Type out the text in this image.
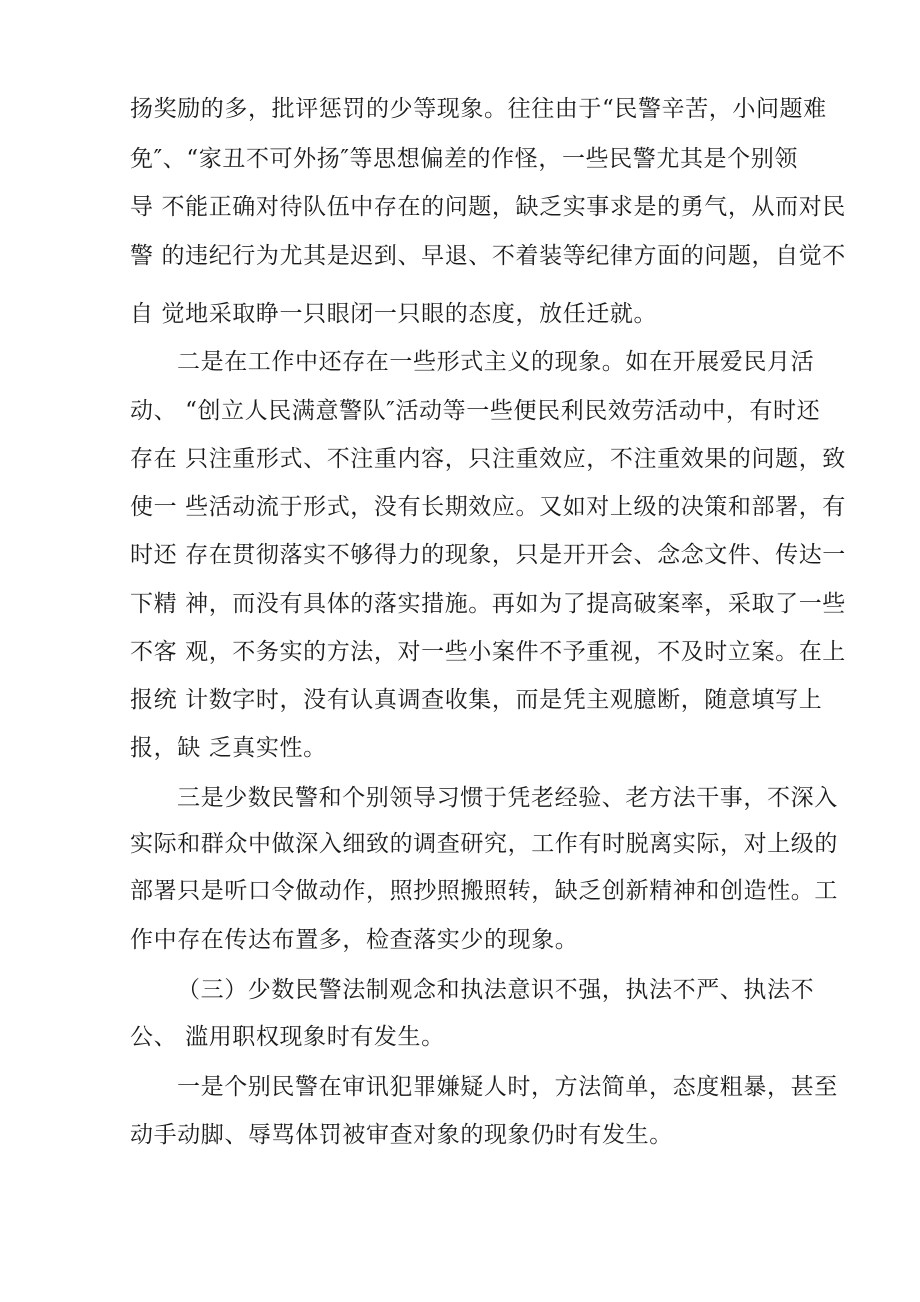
扬奖励的多，批评惩罚的少等现象。往往由于“民警辛苦，小问题难
免″、“家丑不可外扬″等思想偏差的作怪，一些民警尤其是个别领
导 不能正确对待队伍中存在的问题，缺乏实事求是的勇气，从而对民
警 的违纪行为尤其是迟到、早退、不着装等纪律方面的问题，自觉不
自 觉地采取睁一只眼闭一只眼的态度，放任迁就。
二是在工作中还存在一些形式主义的现象。如在开展爱民月活
动、 “创立人民满意警队″活动等一些便民利民效劳活动中，有时还
存在 只注重形式、不注重内容，只注重效应，不注重效果的问题，致
使一 些活动流于形式，没有长期效应。又如对上级的决策和部署，有
时还 存在贯彻落实不够得力的现象，只是开开会、念念文件、传达一
下精 神，而没有具体的落实措施。再如为了提高破案率，采取了一些
不客 观，不务实的方法，对一些小案件不予重视，不及时立案。在上
报统 计数字时，没有认真调查收集，而是凭主观臆断，随意填写上
报，缺 乏真实性。
三是少数民警和个别领导习惯于凭老经验、老方法干事，不深入
实际和群众中做深入细致的调查研究，工作有时脱离实际，对上级的
部署只是听口令做动作，照抄照搬照转，缺乏创新精神和创造性。工
作中存在传达布置多，检查落实少的现象。
（三）少数民警法制观念和执法意识不强，执法不严、执法不
公、 滥用职权现象时有发生。
一是个别民警在审讯犯罪嫌疑人时，方法简单，态度粗暴，甚至
动手动脚、辱骂体罚被审查对象的现象仍时有发生。
